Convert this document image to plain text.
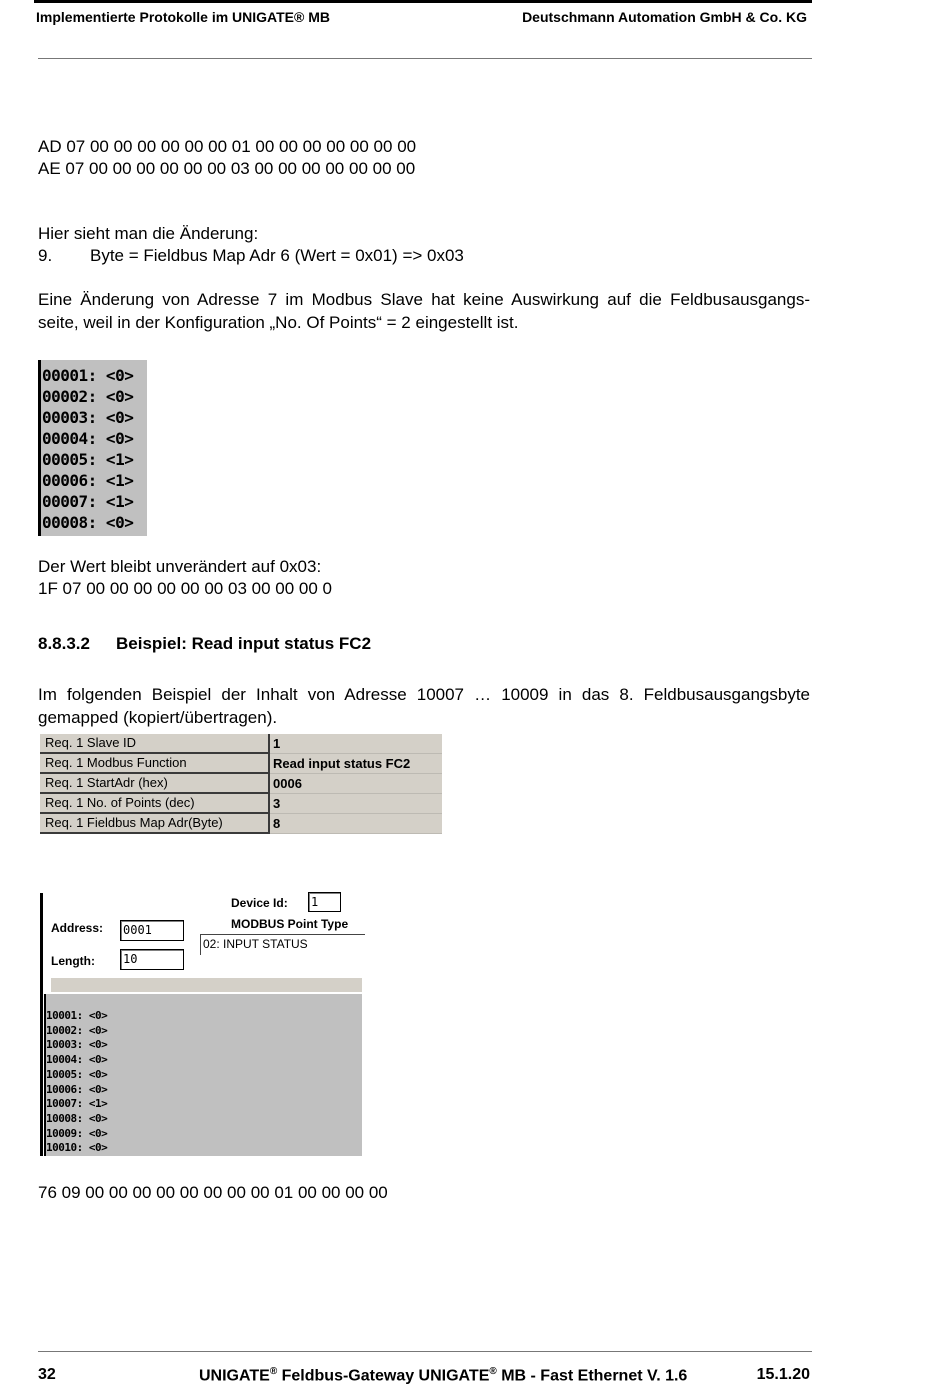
Implementierte Protokolle im UNIGATE® MB	Deutschmann Automation GmbH & Co. KG
AD 07 00 00 00 00 00 00 01 00 00 00 00 00 00 00
AE 07 00 00 00 00 00 00 03 00 00 00 00 00 00 00
Hier sieht man die Änderung:
9. Byte = Fieldbus Map Adr 6 (Wert = 0x01) => 0x03
Eine Änderung von Adresse 7 im Modbus Slave hat keine Auswirkung auf die Feldbusausgangs-
seite, weil in der Konfiguration „No. Of Points“ = 2 eingestellt ist.
00001: <0>
00002: <0>
00003: <0>
00004: <0>
00005: <1>
00006: <1>
00007: <1>
00008: <0>
Der Wert bleibt unverändert auf 0x03:
1F 07 00 00 00 00 00 00 03 00 00 00 0
8.8.3.2 Beispiel: Read input status FC2
Im folgenden Beispiel der Inhalt von Adresse 10007 … 10009 in das 8. Feldbusausgangsbyte
gemapped (kopiert/übertragen).
Req. 1 Slave ID	1
Req. 1 Modbus Function	Read input status FC2
Req. 1 StartAdr (hex)	0006
Req. 1 No. of Points (dec)	3
Req. 1 Fieldbus Map Adr(Byte)	8
Device Id: 1
MODBUS Point Type
02: INPUT STATUS
Address: 0001
Length: 10
10001: <0>
10002: <0>
10003: <0>
10004: <0>
10005: <0>
10006: <0>
10007: <1>
10008: <0>
10009: <0>
10010: <0>
76 09 00 00 00 00 00 00 00 00 01 00 00 00 00
32	UNIGATE® Feldbus-Gateway UNIGATE® MB - Fast Ethernet V. 1.6	15.1.20
